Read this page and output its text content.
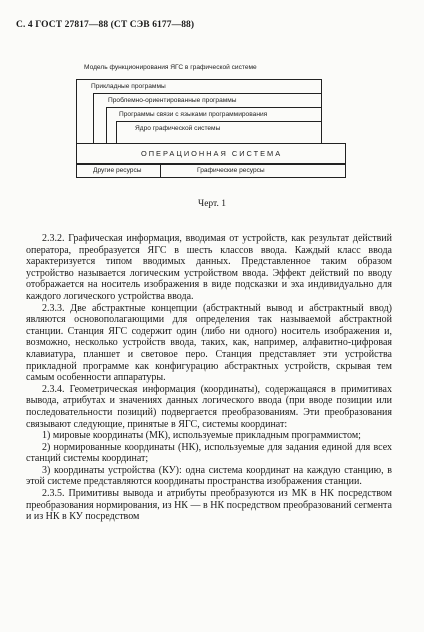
С. 4 ГОСТ 27817—88 (СТ СЭВ 6177—88)
Модель функционирования ЯГС в графической системе
Прикладные программы
Проблемно-ориентированные программы
Программы связи с языками программирования
Ядро графической системы
ОПЕРАЦИОННАЯ СИСТЕМА
Другие ресурсы	Графические ресурсы
Черт. 1

2.3.2. Графическая информация, вводимая от устройств, как результат действий оператора, преобразуется ЯГС в шесть классов ввода. Каждый класс ввода характеризуется типом вводимых данных. Представленное таким образом устройство называется логическим устройством ввода. Эффект действий по вводу отображается на носитель изображения в виде подсказки и эха индивидуально для каждого логического устройства ввода.

2.3.3. Две абстрактные концепции (абстрактный вывод и абстрактный ввод) являются основополагающими для определения так называемой абстрактной станции. Станция ЯГС содержит один (либо ни одного) носитель изображения и, возможно, несколько устройств ввода, таких, как, например, алфавитно-цифровая клавиатура, планшет и световое перо. Станция представляет эти устройства прикладной программе как конфигурацию абстрактных устройств, скрывая тем самым особенности аппаратуры.

2.3.4. Геометрическая информация (координаты), содержащаяся в примитивах вывода, атрибутах и значениях данных логического ввода (при вводе позиции или последовательности позиций) подвергается преобразованиям. Эти преобразования связывают следующие, принятые в ЯГС, системы координат:

1) мировые координаты (МК), используемые прикладным программистом;

2) нормированные координаты (НК), используемые для задания единой для всех станций системы координат;

3) координаты устройства (КУ): одна система координат на каждую станцию, в этой системе представляются координаты пространства изображения станции.

2.3.5. Примитивы вывода и атрибуты преобразуются из МК в НК посредством преобразования нормирования, из НК — в НК посредством преобразований сегмента и из НК в КУ посредством
